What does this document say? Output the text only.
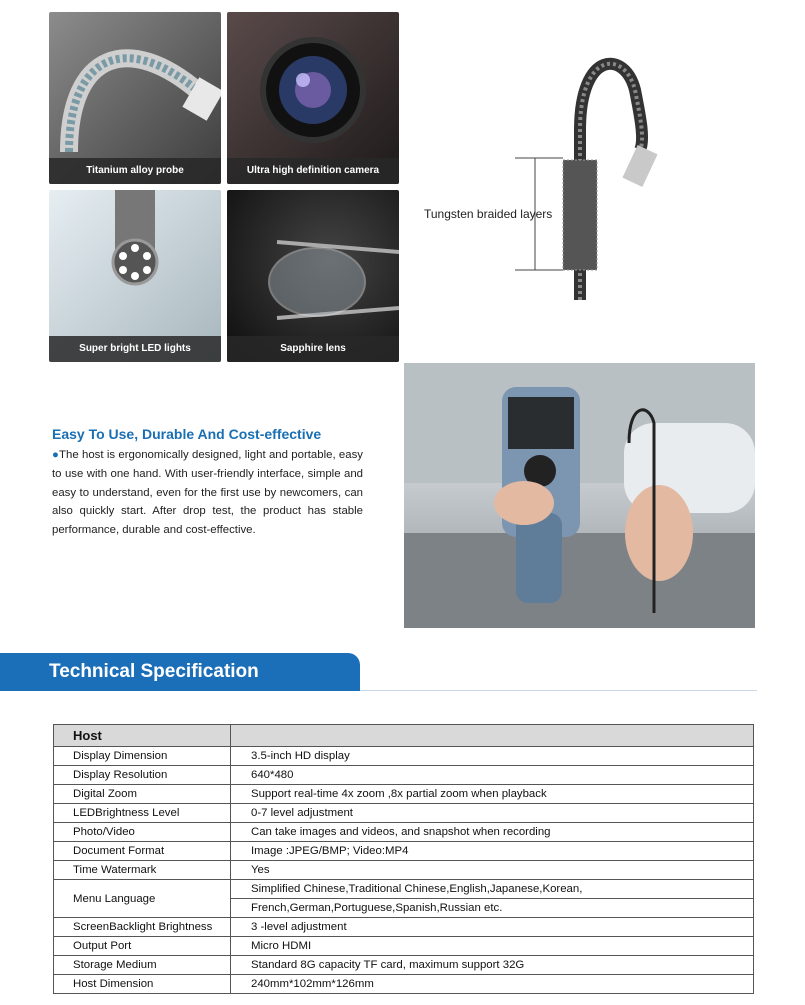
Titanium alloy probe	Ultra high definition camera
Super bright LED lights	Sapphire lens
Tungsten braided layers
Easy To Use, Durable And Cost-effective
●The host is ergonomically designed, light and portable, easy to use with one hand. With user-friendly interface, simple and easy to understand, even for the first use by newcomers, can also quickly start. After drop test, the product has stable performance, durable and cost-effective.
Technical Specification
Host	
Display Dimension	3.5-inch HD display
Display Resolution	640*480
Digital Zoom	Support real-time 4x zoom ,8x partial zoom when playback
LEDBrightness Level	0-7 level adjustment
Photo/Video	Can take images and videos, and snapshot when recording
Document Format	Image :JPEG/BMP; Video:MP4
Time Watermark	Yes
Menu Language	Simplified Chinese,Traditional Chinese,English,Japanese,Korean,
	French,German,Portuguese,Spanish,Russian etc.
ScreenBacklight Brightness	3 -level adjustment
Output Port	Micro HDMI
Storage Medium	Standard 8G capacity TF card, maximum support 32G
Host Dimension	240mm*102mm*126mm
